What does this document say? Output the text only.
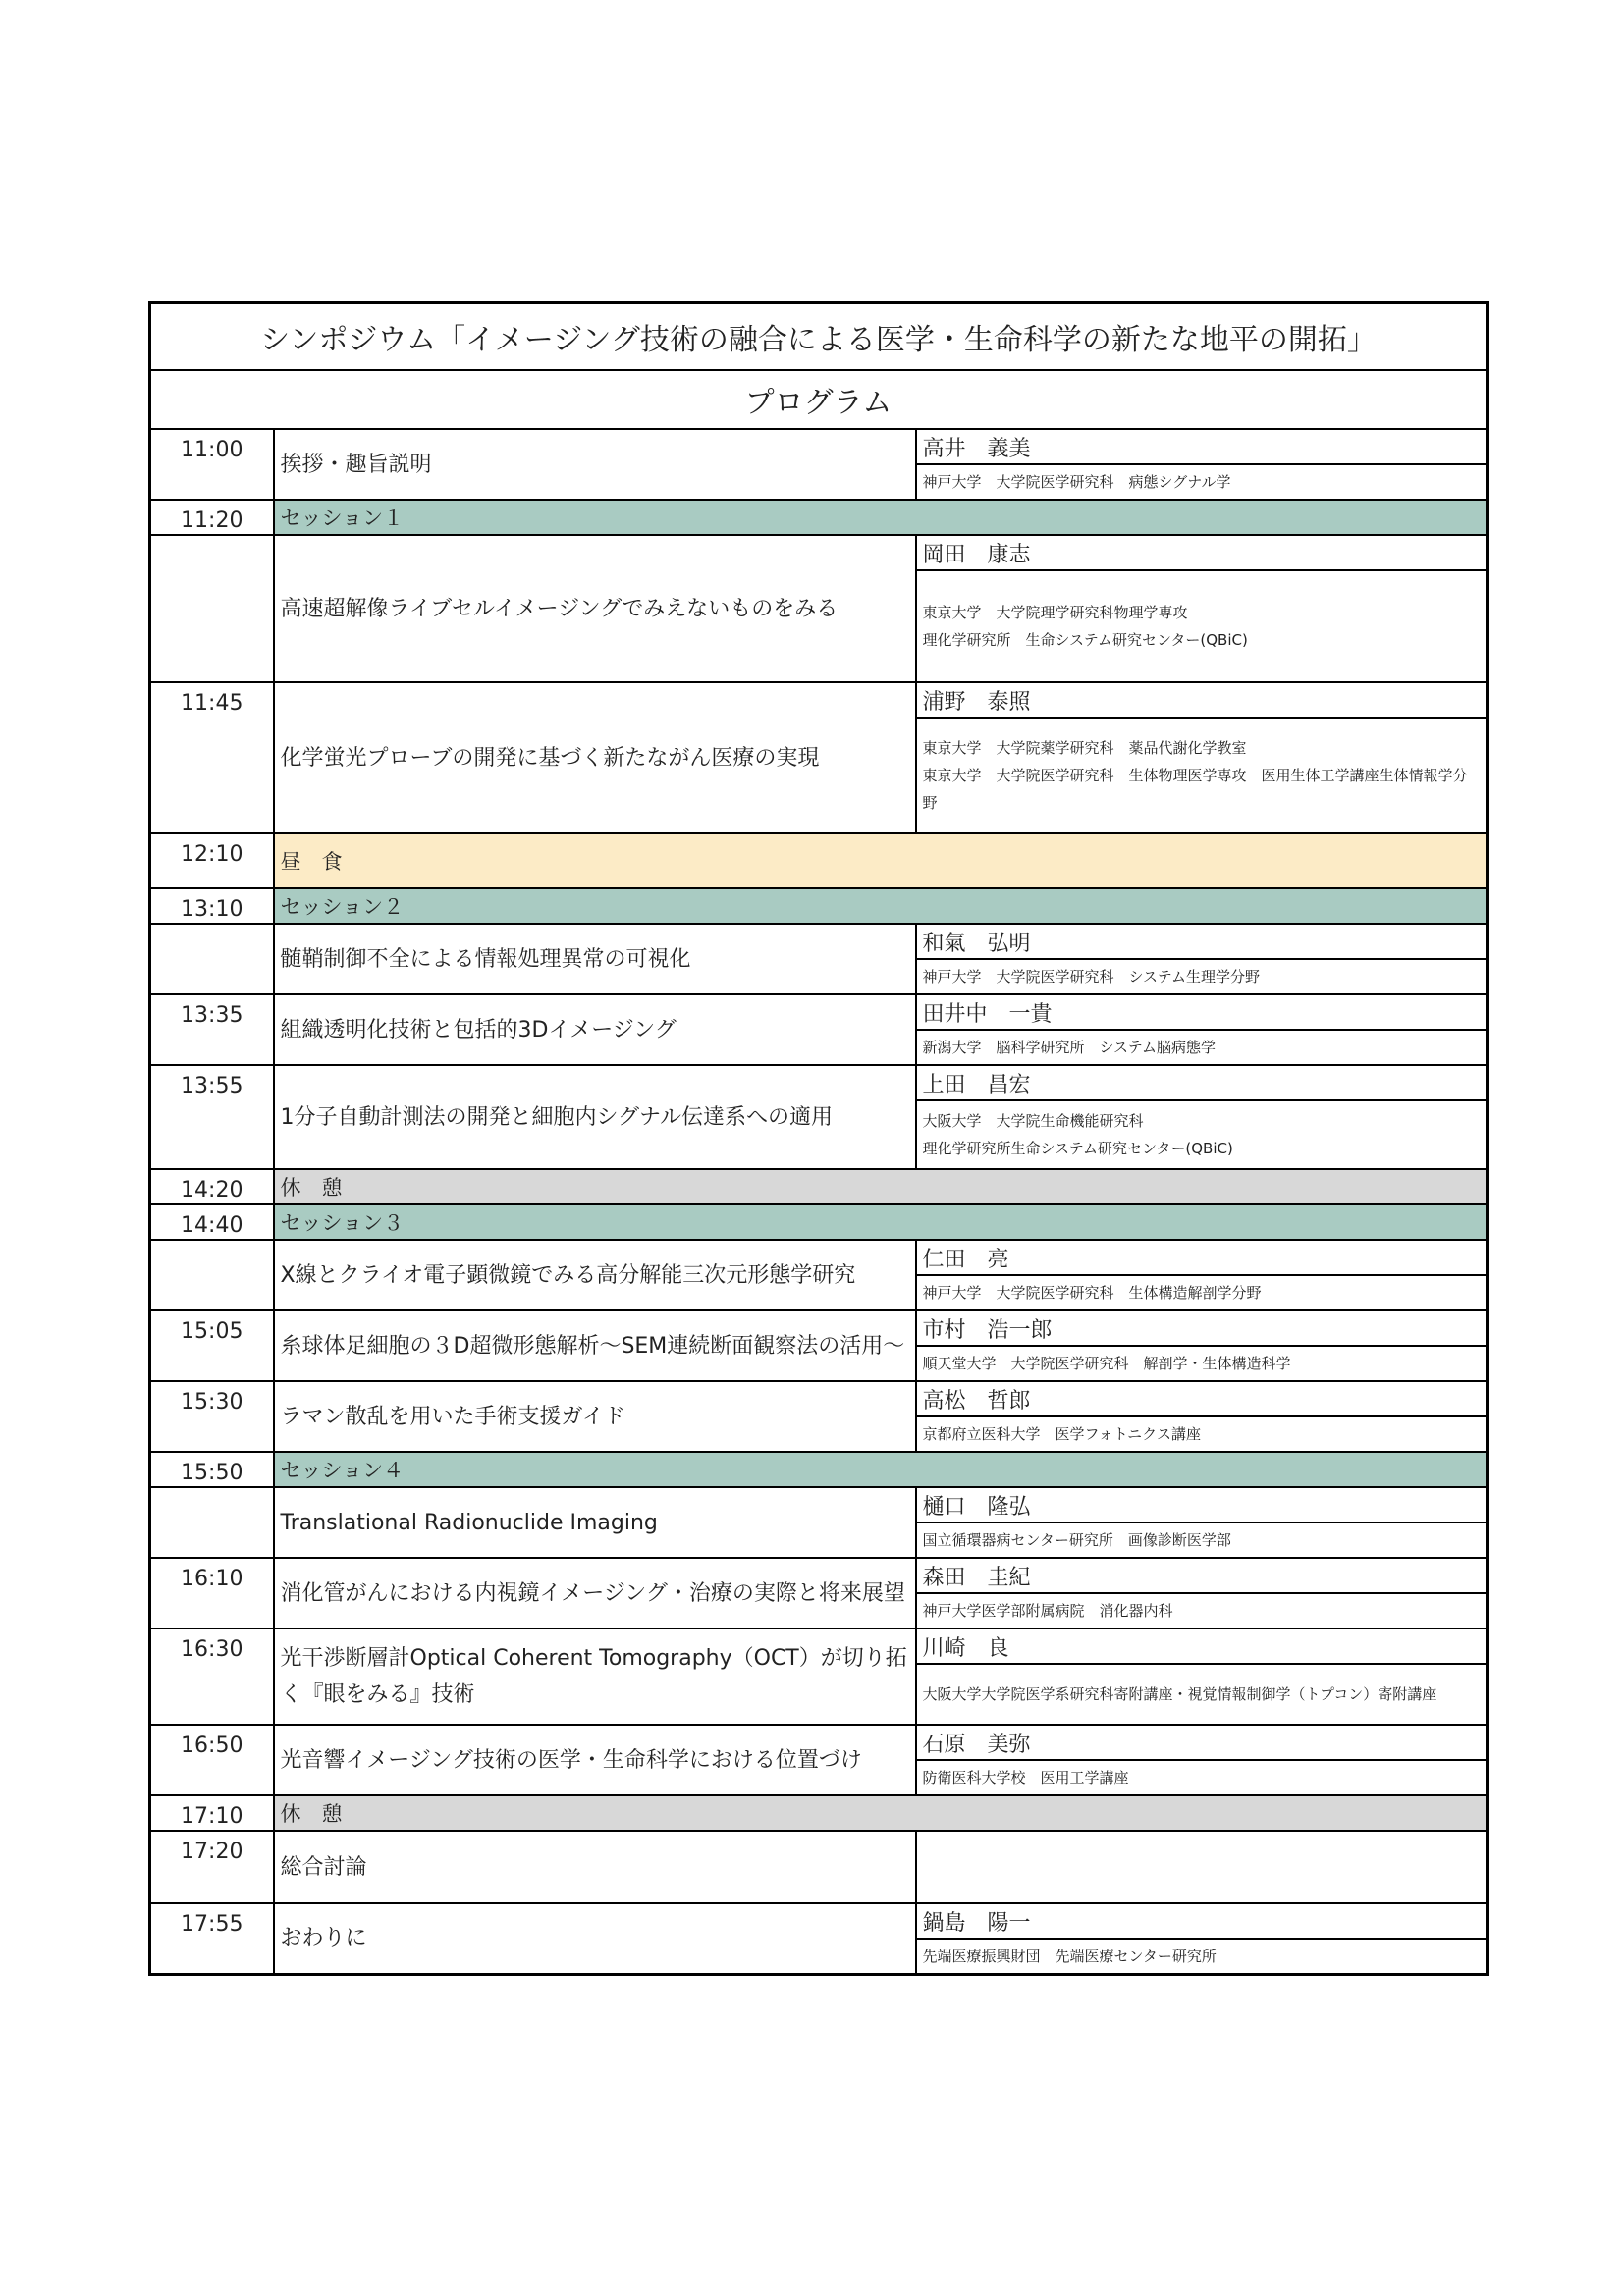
シンポジウム「イメージング技術の融合による医学・生命科学の新たな地平の開拓」		
プログラム		
11:00	挨拶・趣旨説明	高井　義美

		神戸大学　大学院医学研究科　病態シグナル学

11:20	セッション１	
	高速超解像ライブセルイメージングでみえないものをみる	岡田　康志

		東京大学　大学院理学研究科物理学専攻
理化学研究所　生命システム研究センター(QBiC)

11:45	化学蛍光プローブの開発に基づく新たながん医療の実現	浦野　泰照

		東京大学　大学院薬学研究科　薬品代謝化学教室
東京大学　大学院医学研究科　生体物理医学専攻　医用生体工学講座生体情報学分野

12:10	昼　食	
13:10	セッション２	
	髄鞘制御不全による情報処理異常の可視化	和氣　弘明

		神戸大学　大学院医学研究科　システム生理学分野

13:35	組織透明化技術と包括的3Dイメージング	田井中　一貴

		新潟大学　脳科学研究所　システム脳病態学

13:55	1分子自動計測法の開発と細胞内シグナル伝達系への適用	上田　昌宏

		大阪大学　大学院生命機能研究科
理化学研究所生命システム研究センター(QBiC)

14:20	休　憩	
14:40	セッション３	
	X線とクライオ電子顕微鏡でみる高分解能三次元形態学研究	仁田　亮

		神戸大学　大学院医学研究科　生体構造解剖学分野

15:05	糸球体足細胞の３D超微形態解析～SEM連続断面観察法の活用～	市村　浩一郎

		順天堂大学　大学院医学研究科　解剖学・生体構造科学

15:30	ラマン散乱を用いた手術支援ガイド	高松　哲郎

		京都府立医科大学　医学フォトニクス講座

15:50	セッション４	
	Translational Radionuclide Imaging	樋口　隆弘

		国立循環器病センター研究所　画像診断医学部

16:10	消化管がんにおける内視鏡イメージング・治療の実際と将来展望	森田　圭紀

		神戸大学医学部附属病院　消化器内科

16:30	光干渉断層計Optical Coherent Tomography（OCT）が切り拓く『眼をみる』技術	川崎　良

		大阪大学大学院医学系研究科寄附講座・視覚情報制御学（トプコン）寄附講座

16:50	光音響イメージング技術の医学・生命科学における位置づけ	石原　美弥

		防衛医科大学校　医用工学講座

17:10	休　憩	
17:20	総合討論	
17:55	おわりに	鍋島　陽一

		先端医療振興財団　先端医療センター研究所
